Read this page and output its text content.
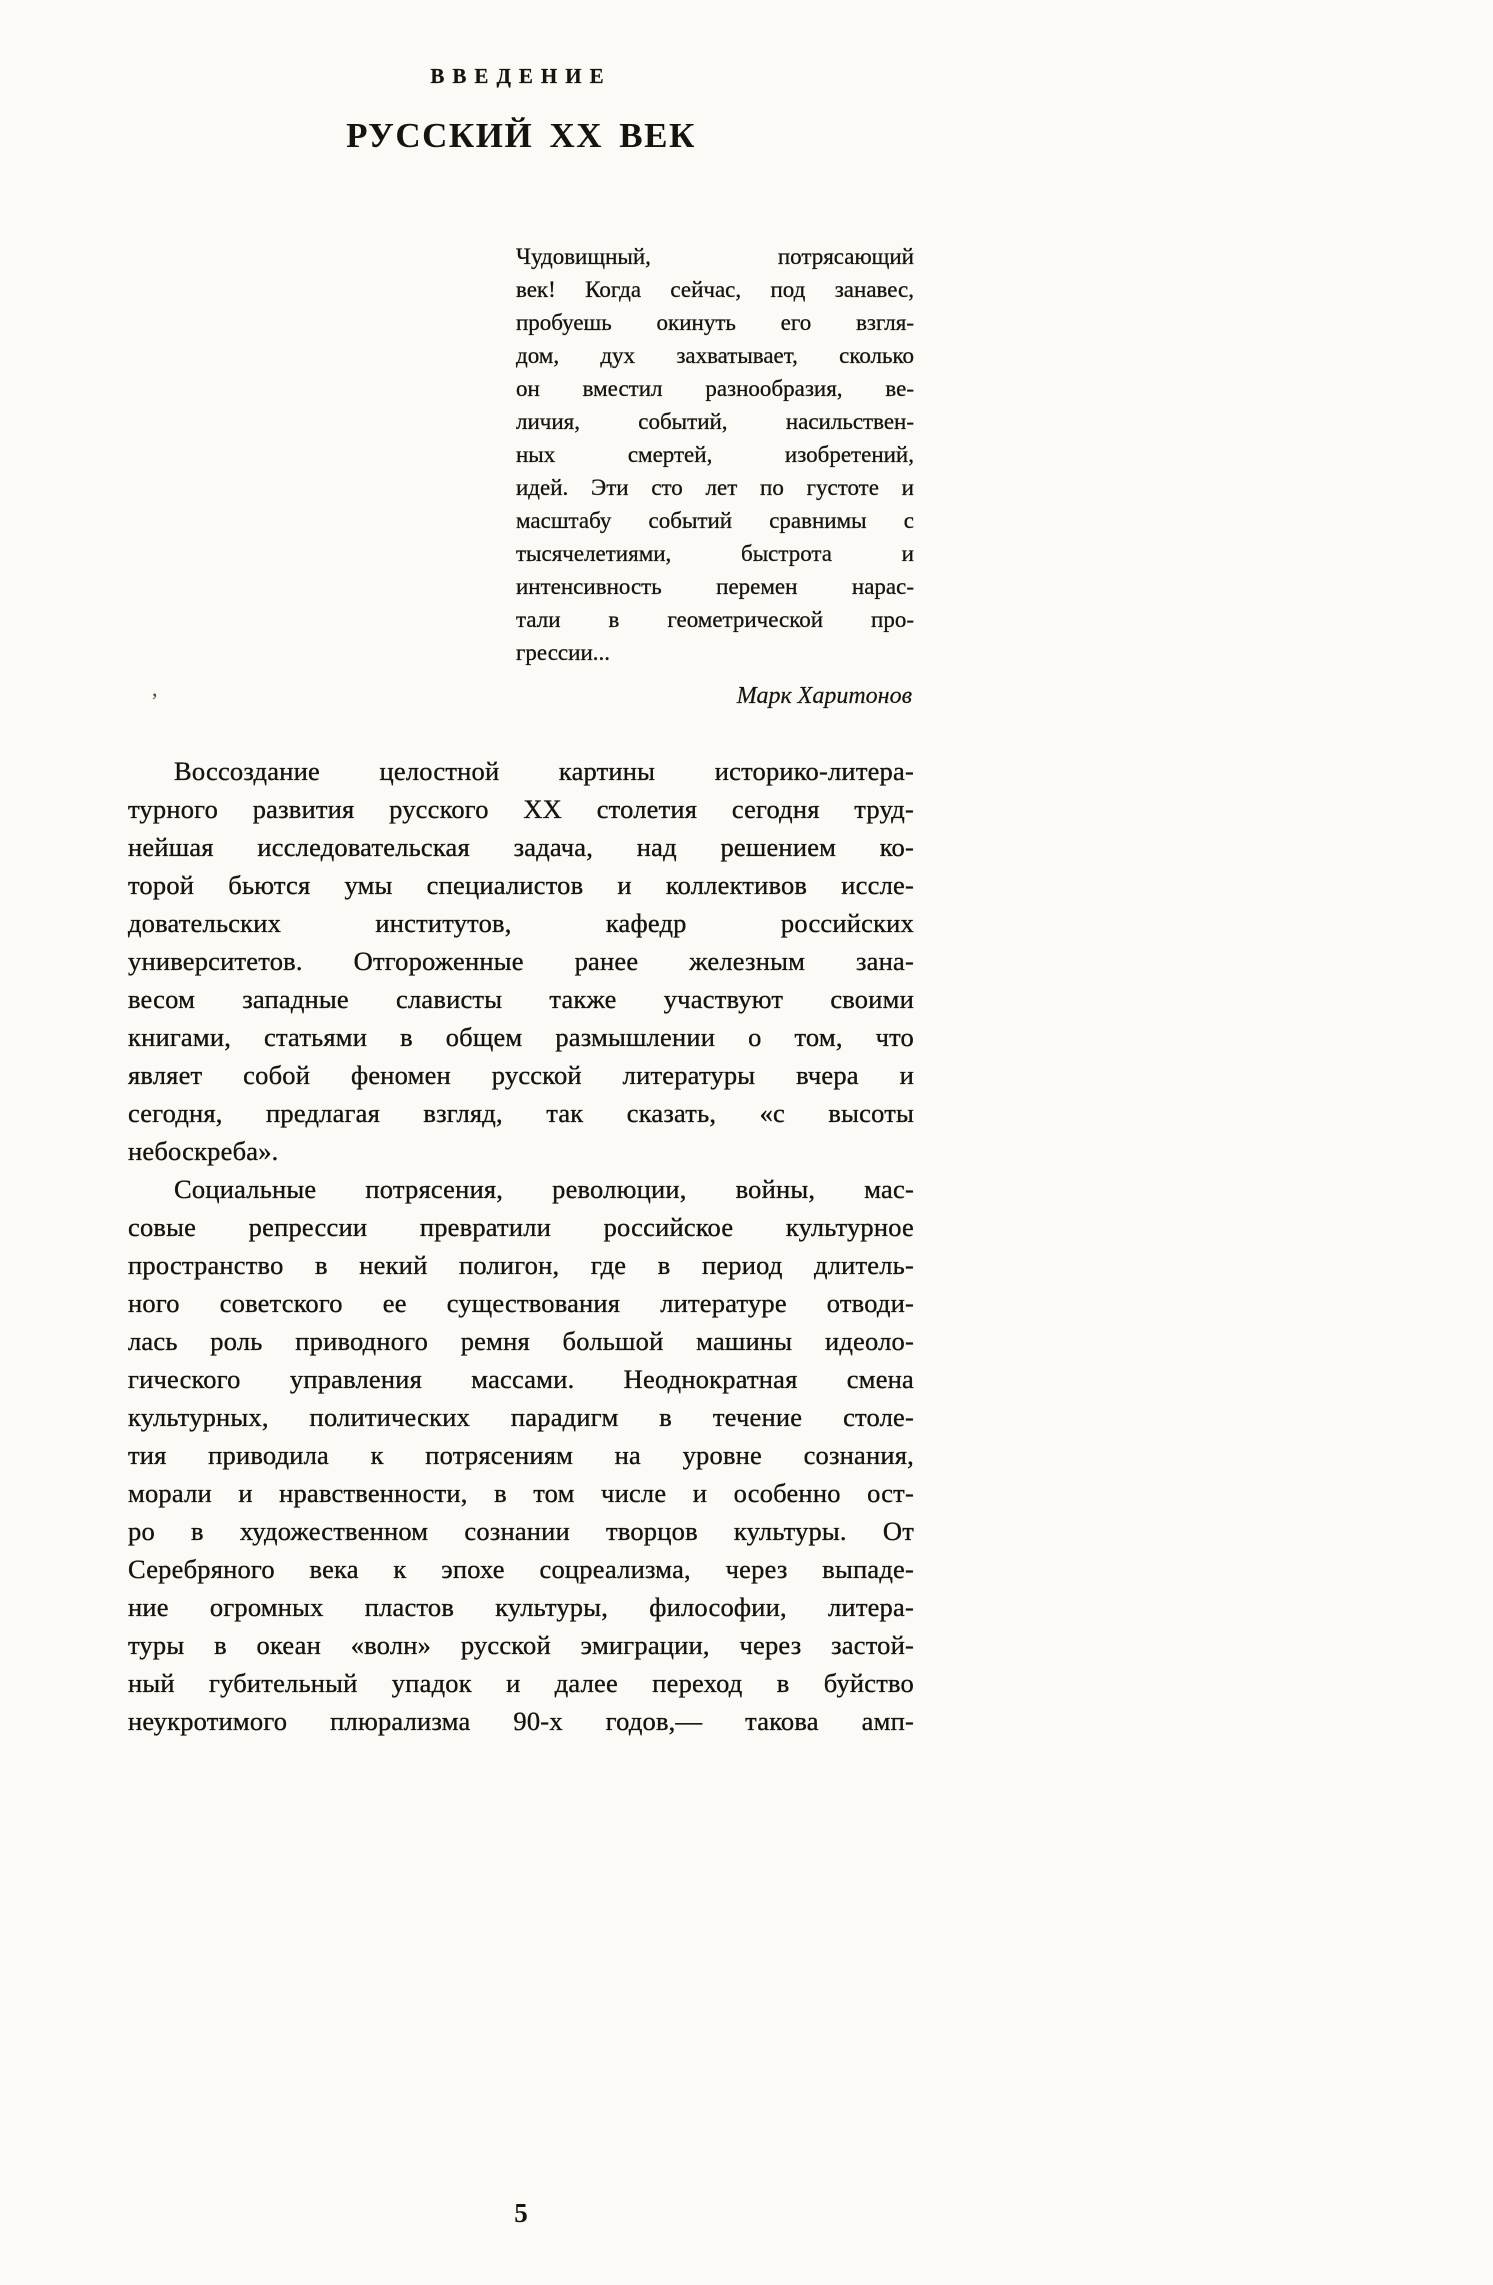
ВВЕДЕНИЕ
РУССКИЙ XX ВЕК
Чудовищный, потрясающий
век! Когда сейчас, под занавес,
пробуешь окинуть его взгля-
дом, дух захватывает, сколько
он вместил разнообразия, ве-
личия, событий, насильствен-
ных смертей, изобретений,
идей. Эти сто лет по густоте и
масштабу событий сравнимы с
тысячелетиями, быстрота и
интенсивность перемен нарас-
тали в геометрической про-
грессии...
Марк Харитонов
Воссоздание целостной картины историко-литера-
турного развития русского XX столетия сегодня труд-
нейшая исследовательская задача, над решением ко-
торой бьются умы специалистов и коллективов иссле-
довательских институтов, кафедр российских
университетов. Отгороженные ранее железным зана-
весом западные слависты также участвуют своими
книгами, статьями в общем размышлении о том, что
являет собой феномен русской литературы вчера и
сегодня, предлагая взгляд, так сказать, «с высоты
небоскреба».
Социальные потрясения, революции, войны, мас-
совые репрессии превратили российское культурное
пространство в некий полигон, где в период длитель-
ного советского ее существования литературе отводи-
лась роль приводного ремня большой машины идеоло-
гического управления массами. Неоднократная смена
культурных, политических парадигм в течение столе-
тия приводила к потрясениям на уровне сознания,
морали и нравственности, в том числе и особенно ост-
ро в художественном сознании творцов культуры. От
Серебряного века к эпохе соцреализма, через выпаде-
ние огромных пластов культуры, философии, литера-
туры в океан «волн» русской эмиграции, через застой-
ный губительный упадок и далее переход в буйство
неукротимого плюрализма 90-х годов,— такова амп-
,
5
